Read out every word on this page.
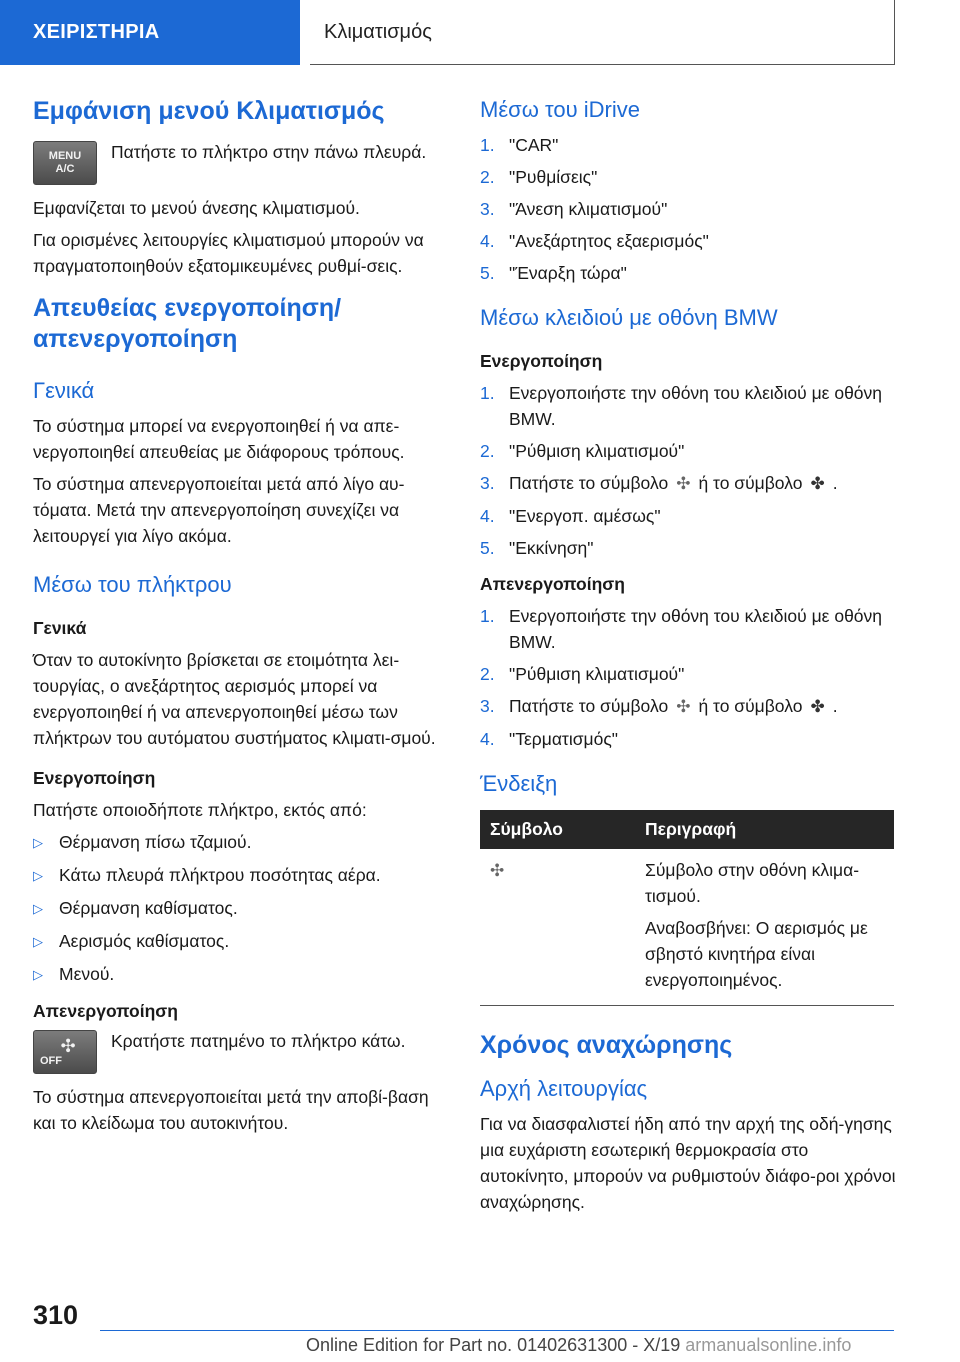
ΧΕΙΡΙΣΤΗΡΙΑ	Κλιματισμός
Εμφάνιση μενού Κλιματισμός
MENU
A/C

Πατήστε το πλήκτρο στην πάνω πλευρά.

Εμφανίζεται το μενού άνεσης κλιματισμού.

Για ορισμένες λειτουργίες κλιματισμού μπορούν να πραγματοποιηθούν εξατομικευμένες ρυθμί-σεις.

Απευθείας ενεργοποίηση/ απενεργοποίηση
Γενικά

Το σύστημα μπορεί να ενεργοποιηθεί ή να απε-νεργοποιηθεί απευθείας με διάφορους τρόπους.

Το σύστημα απενεργοποιείται μετά από λίγο αυ-τόματα. Μετά την απενεργοποίηση συνεχίζει να λειτουργεί για λίγο ακόμα.

Μέσω του πλήκτρου
Γενικά

Όταν το αυτοκίνητο βρίσκεται σε ετοιμότητα λει-τουργίας, ο ανεξάρτητος αερισμός μπορεί να ενεργοποιηθεί ή να απενεργοποιηθεί μέσω των πλήκτρων του αυτόματου συστήματος κλιματι-σμού.

Ενεργοποίηση

Πατήστε οποιοδήποτε πλήκτρο, εκτός από:

▷ Θέρμανση πίσω τζαμιού.
▷ Κάτω πλευρά πλήκτρου ποσότητας αέρα.
▷ Θέρμανση καθίσματος.
▷ Αερισμός καθίσματος.
▷ Μενού.
Απενεργοποίηση
✣
OFF

Κρατήστε πατημένο το πλήκτρο κάτω.

Το σύστημα απενεργοποιείται μετά την αποβί-βαση και το κλείδωμα του αυτοκινήτου.

Μέσω του iDrive
1. "CAR"
2. "Ρυθμίσεις"
3. "Άνεση κλιματισμού"
4. "Ανεξάρτητος εξαερισμός"
5. "Έναρξη τώρα"
Μέσω κλειδιού με οθόνη BMW
Ενεργοποίηση
1. Ενεργοποιήστε την οθόνη του κλειδιού με οθόνη BMW.
2. "Ρύθμιση κλιματισμού"
3. Πατήστε το σύμβολο ✣ ή το σύμβολο ✤ .
4. "Ενεργοπ. αμέσως"
5. "Εκκίνηση"
Απενεργοποίηση
1. Ενεργοποιήστε την οθόνη του κλειδιού με οθόνη BMW.
2. "Ρύθμιση κλιματισμού"
3. Πατήστε το σύμβολο ✣ ή το σύμβολο ✤ .
4. "Τερματισμός"
Ένδειξη
Σύμβολο	Περιγραφή
✣	Σύμβολο στην οθόνη κλιμα-τισμού.

Αναβοσβήνει: Ο αερισμός με σβηστό κινητήρα είναι ενεργοποιημένος.

Χρόνος αναχώρησης
Αρχή λειτουργίας

Για να διασφαλιστεί ήδη από την αρχή της οδή-γησης μια ευχάριστη εσωτερική θερμοκρασία στο αυτοκίνητο, μπορούν να ρυθμιστούν διάφο-ροι χρόνοι αναχώρησης.

310
Online Edition for Part no. 01402631300 - X/19 armanualsonline.info
